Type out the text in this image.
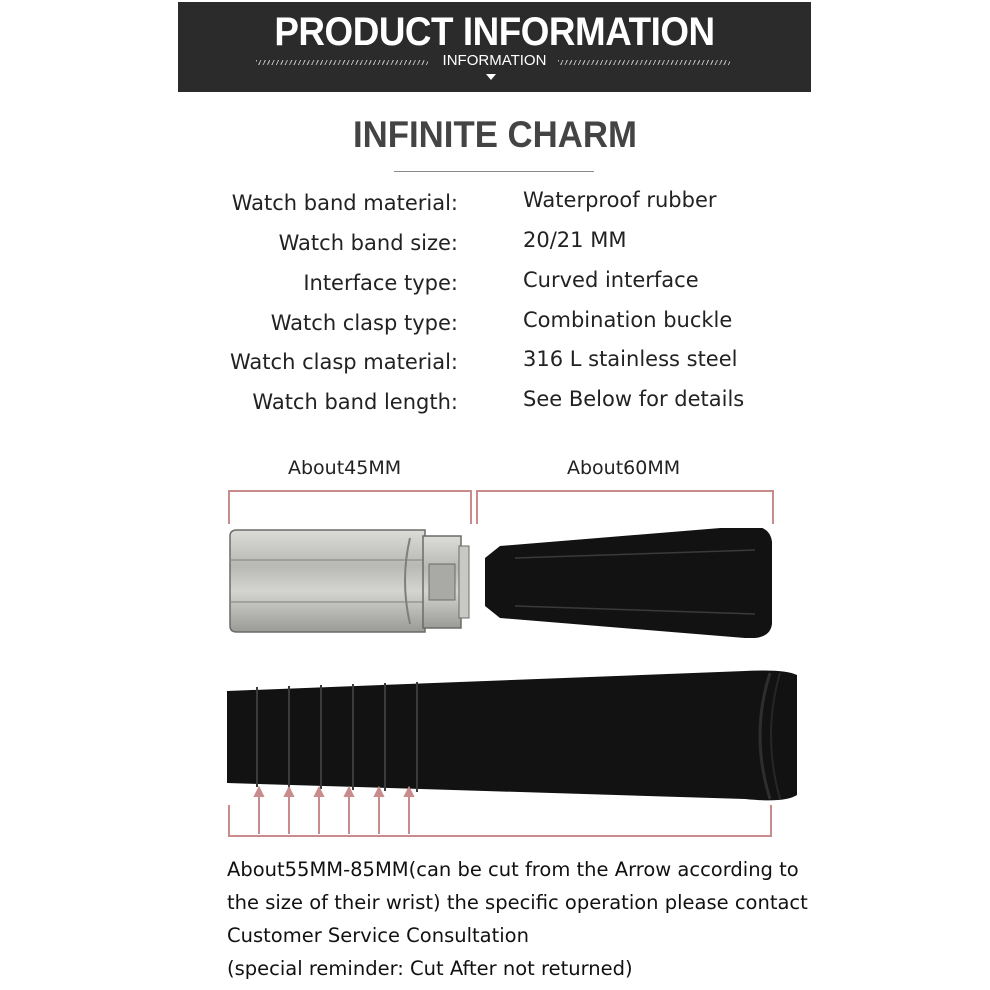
PRODUCT INFORMATION
INFORMATION
INFINITE CHARM
Watch band material:	Waterproof rubber
Watch band size:	20/21 MM
Interface type:	Curved interface
Watch clasp type:	Combination buckle
Watch clasp material:	316 L stainless steel
Watch band length:	See Below for details
About45MM	About60MM
About55MM-85MM(can be cut from the Arrow according to
the size of their wrist) the specific operation please contact
Customer Service Consultation
(special reminder: Cut After not returned)
